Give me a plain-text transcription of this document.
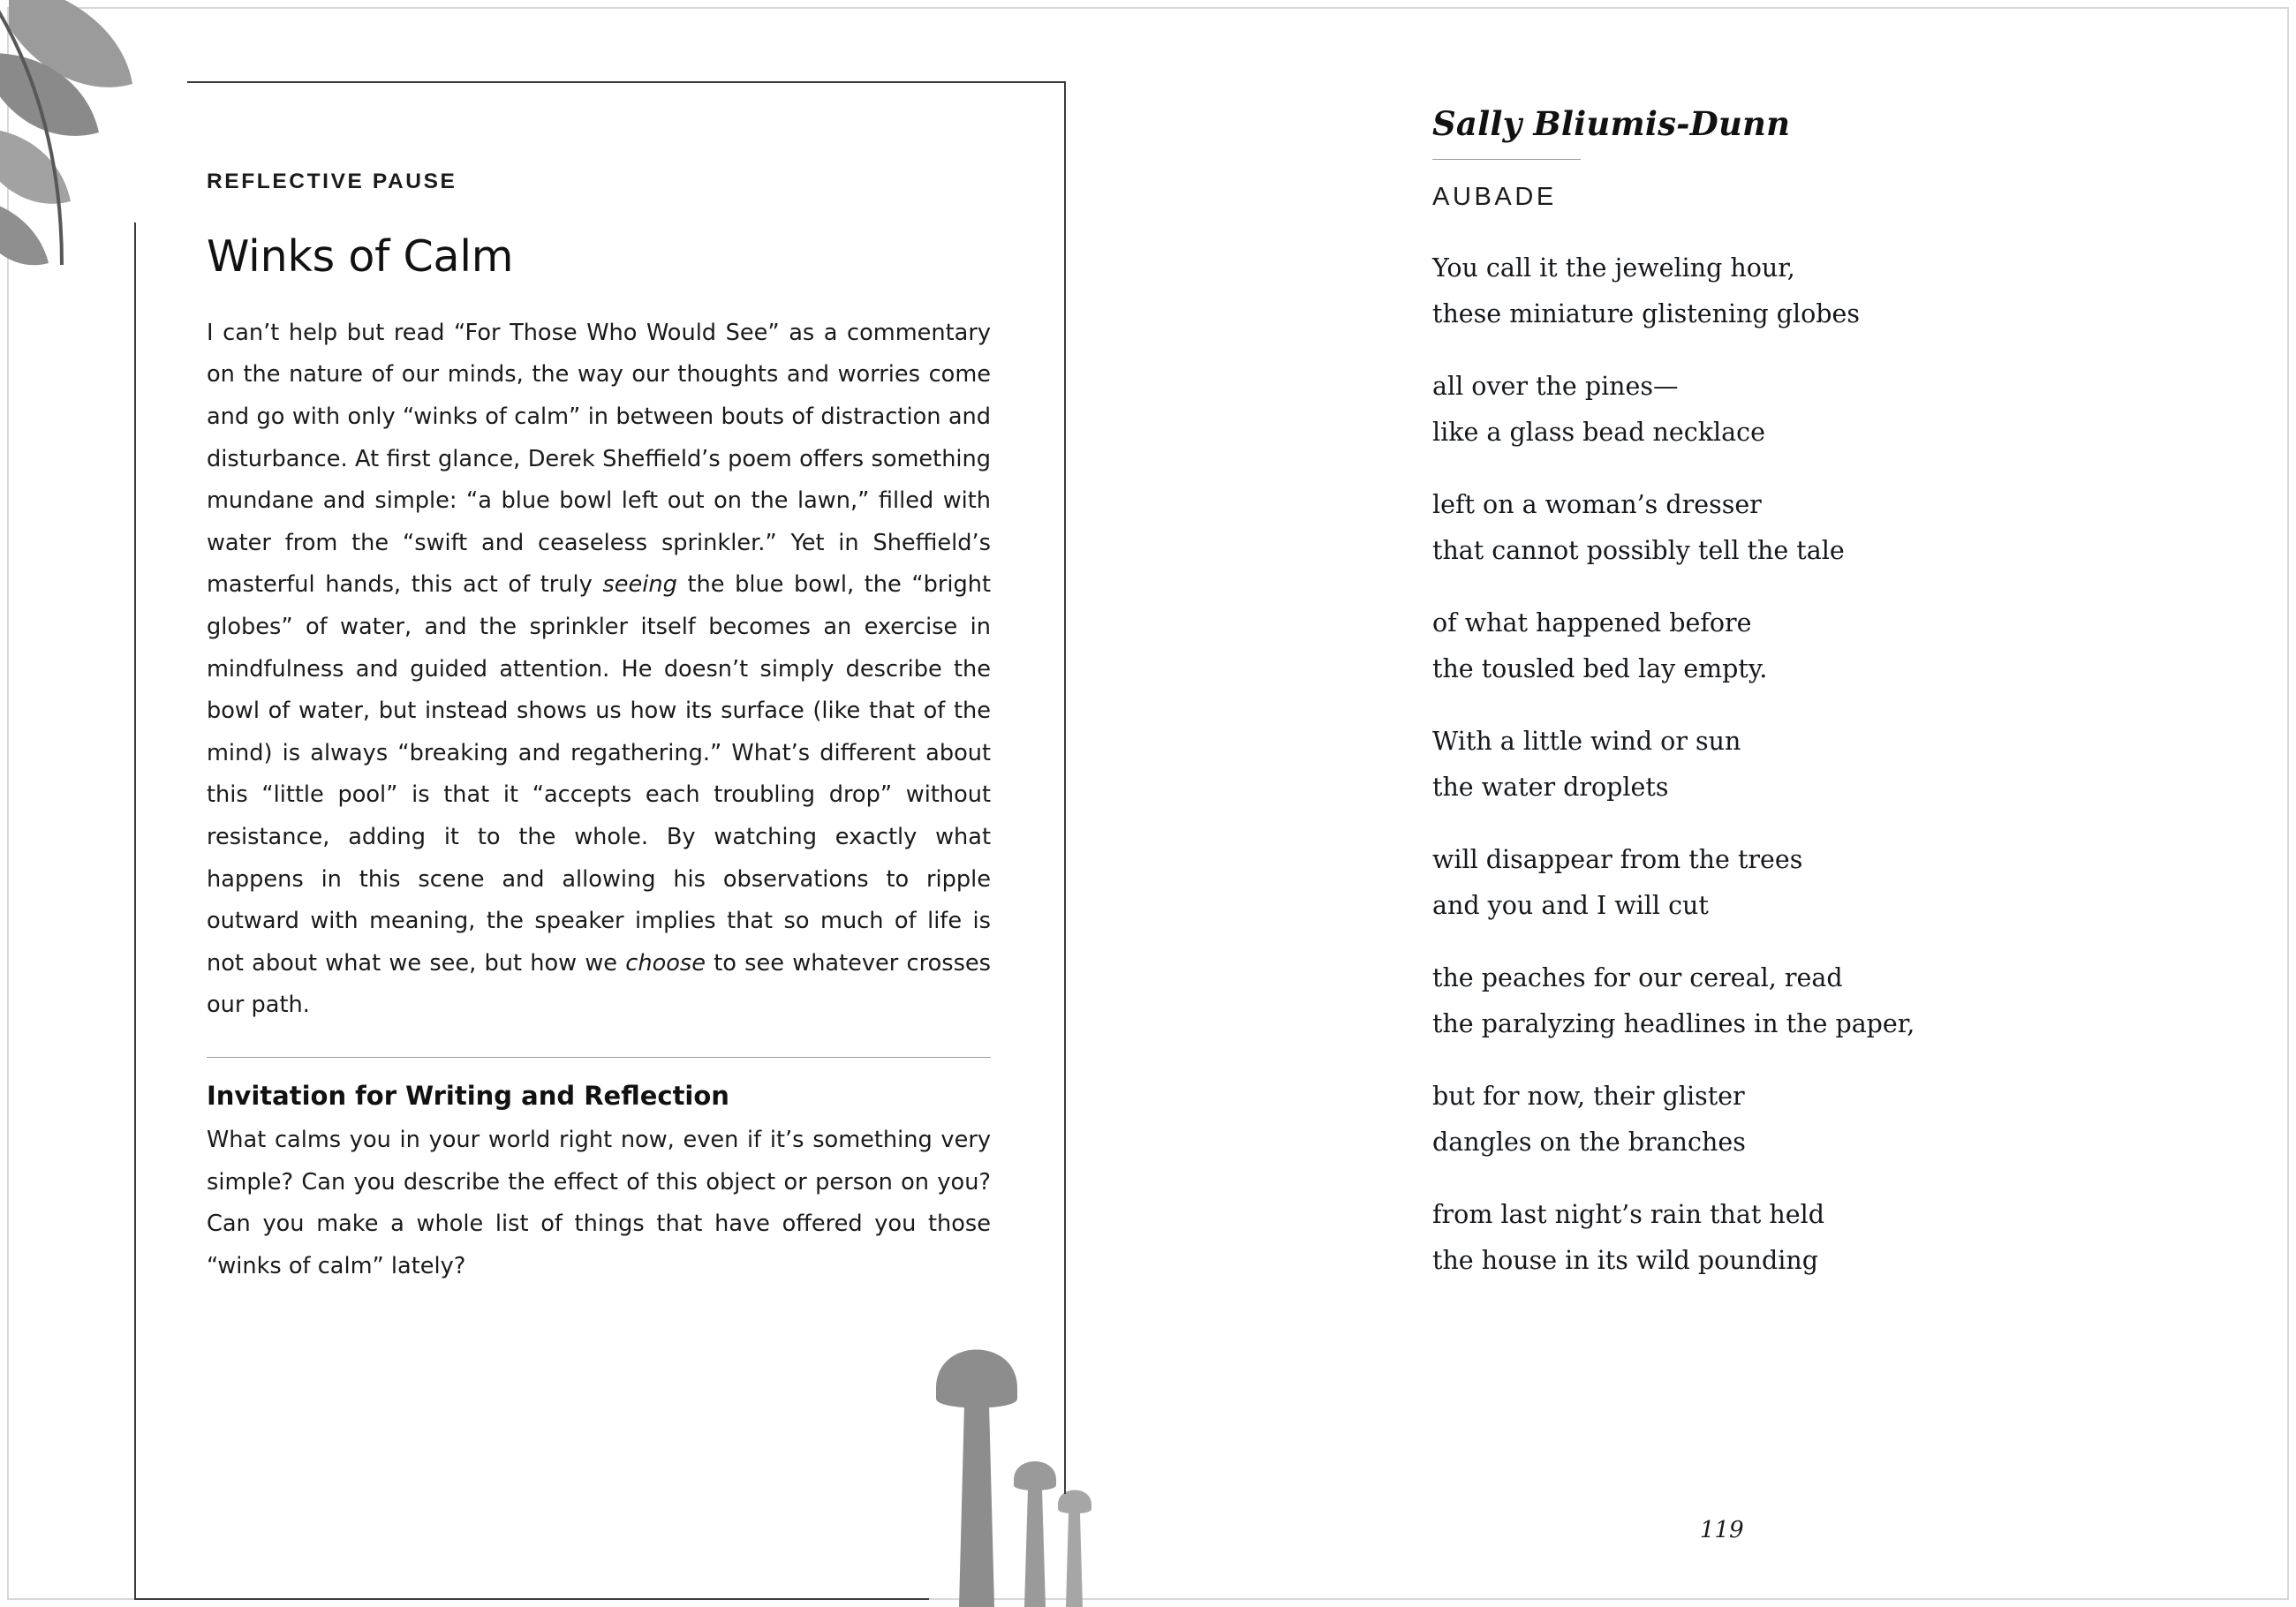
REFLECTIVE PAUSE
Winks of Calm

I can’t help but read “For Those Who Would See” as a commentary on the nature of our minds, the way our thoughts and worries come and go with only “winks of calm” in between bouts of distraction and disturbance. At first glance, Derek Sheffield’s poem offers something mundane and simple: “a blue bowl left out on the lawn,” filled with water from the “swift and ceaseless sprinkler.” Yet in Sheffield’s masterful hands, this act of truly seeing the blue bowl, the “bright globes” of water, and the sprinkler itself becomes an exercise in mindfulness and guided attention. He doesn’t simply describe the bowl of water, but instead shows us how its surface (like that of the mind) is always “breaking and regathering.” What’s different about this “little pool” is that it “accepts each troubling drop” without resistance, adding it to the whole. By watching exactly what happens in this scene and allowing his observations to ripple outward with meaning, the speaker implies that so much of life is not about what we see, but how we choose to see whatever crosses our path.

Invitation for Writing and Reflection

What calms you in your world right now, even if it’s something very simple? Can you describe the effect of this object or person on you? Can you make a whole list of things that have offered you those “winks of calm” lately?

Sally Bliumis-Dunn
AUBADE
You call it the jeweling hour,
these miniature glistening globes
all over the pines—
like a glass bead necklace
left on a woman’s dresser
that cannot possibly tell the tale
of what happened before
the tousled bed lay empty.
With a little wind or sun
the water droplets
will disappear from the trees
and you and I will cut
the peaches for our cereal, read
the paralyzing headlines in the paper,
but for now, their glister
dangles on the branches
from last night’s rain that held
the house in its wild pounding
119
